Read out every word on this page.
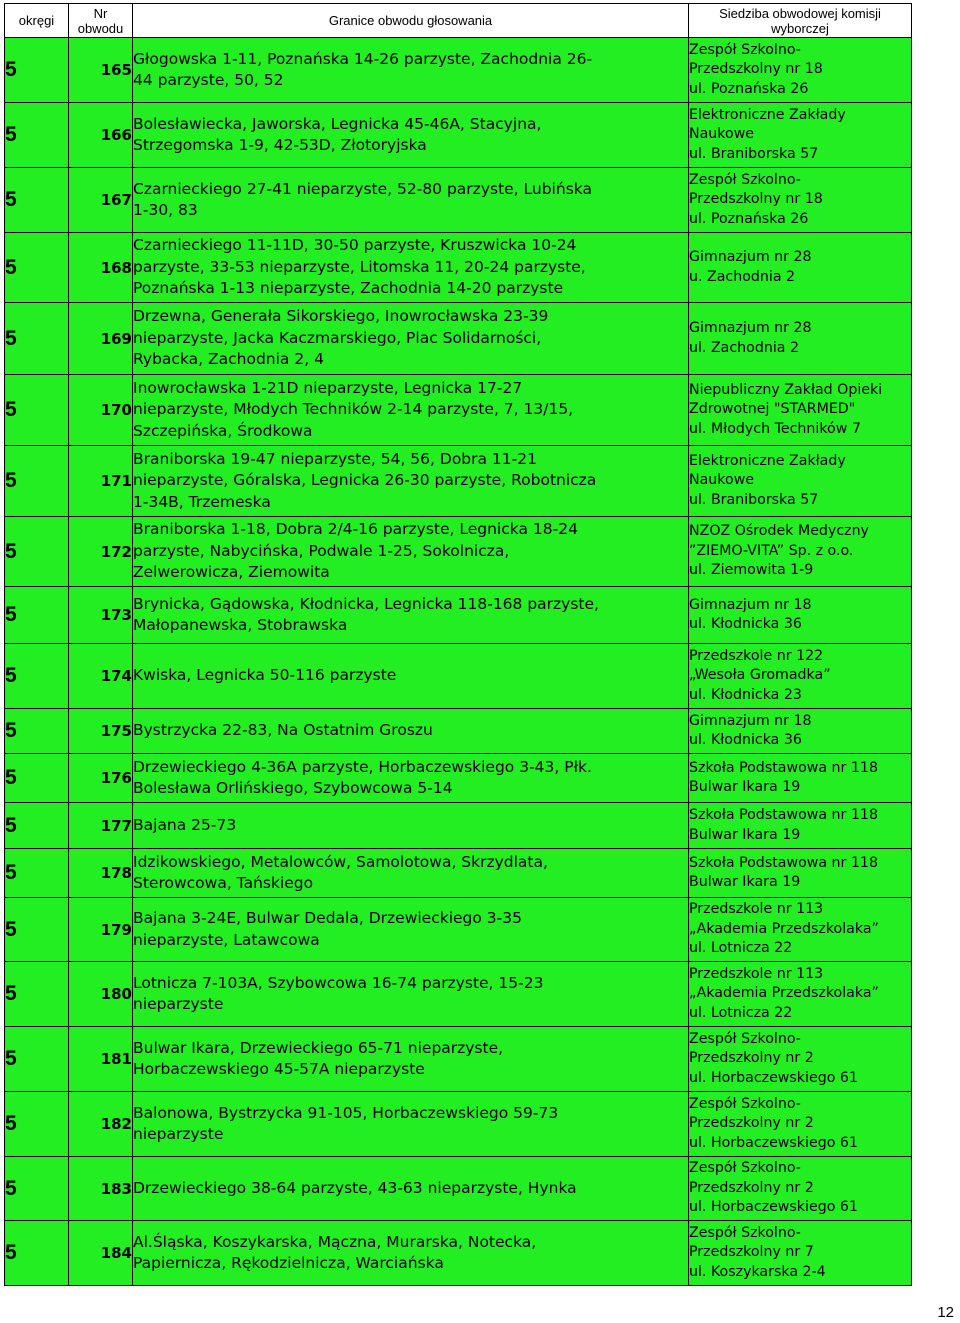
okręgi	Nr
obwodu	Granice obwodu głosowania	Siedziba obwodowej komisji
wyborczej

5	165	Głogowska 1-11, Poznańska 14-26 parzyste, Zachodnia 26-
44 parzyste, 50, 52	Zespół Szkolno-
Przedszkolny nr 18
ul. Poznańska 26

5	166	Bolesławiecka, Jaworska, Legnicka 45-46A, Stacyjna,
Strzegomska 1-9, 42-53D, Złotoryjska	Elektroniczne Zakłady
Naukowe
ul. Braniborska 57

5	167	Czarnieckiego 27-41 nieparzyste, 52-80 parzyste, Lubińska
1-30, 83	Zespół Szkolno-
Przedszkolny nr 18
ul. Poznańska 26

5	168	Czarnieckiego 11-11D, 30-50 parzyste, Kruszwicka 10-24
parzyste, 33-53 nieparzyste, Litomska 11, 20-24 parzyste,
Poznańska 1-13 nieparzyste, Zachodnia 14-20 parzyste	Gimnazjum nr 28
u. Zachodnia 2

5	169	Drzewna, Generała Sikorskiego, Inowrocławska 23-39
nieparzyste, Jacka Kaczmarskiego, Plac Solidarności,
Rybacka, Zachodnia 2, 4	Gimnazjum nr 28
ul. Zachodnia 2

5	170	Inowrocławska 1-21D nieparzyste, Legnicka 17-27
nieparzyste, Młodych Techników 2-14 parzyste, 7, 13/15,
Szczepińska, Środkowa	Niepubliczny Zakład Opieki
Zdrowotnej "STARMED"
ul. Młodych Techników 7

5	171	Braniborska 19-47 nieparzyste, 54, 56, Dobra 11-21
nieparzyste, Góralska, Legnicka 26-30 parzyste, Robotnicza
1-34B, Trzemeska	Elektroniczne Zakłady
Naukowe
ul. Braniborska 57

5	172	Braniborska 1-18, Dobra 2/4-16 parzyste, Legnicka 18-24
parzyste, Nabycińska, Podwale 1-25, Sokolnicza,
Zelwerowicza, Ziemowita	NZOZ Ośrodek Medyczny
”ZIEMO-VITA” Sp. z o.o.
ul. Ziemowita 1-9

5	173	Brynicka, Gądowska, Kłodnicka, Legnicka 118-168 parzyste,
Małopanewska, Stobrawska	Gimnazjum nr 18
ul. Kłodnicka 36

5	174	Kwiska, Legnicka 50-116 parzyste	Przedszkole nr 122
„Wesoła Gromadka”
ul. Kłodnicka 23

5	175	Bystrzycka 22-83, Na Ostatnim Groszu	Gimnazjum nr 18
ul. Kłodnicka 36

5	176	Drzewieckiego 4-36A parzyste, Horbaczewskiego 3-43, Płk.
Bolesława Orlińskiego, Szybowcowa 5-14	Szkoła Podstawowa nr 118
Bulwar Ikara 19

5	177	Bajana 25-73	Szkoła Podstawowa nr 118
Bulwar Ikara 19

5	178	Idzikowskiego, Metalowców, Samolotowa, Skrzydlata,
Sterowcowa, Tańskiego	Szkoła Podstawowa nr 118
Bulwar Ikara 19

5	179	Bajana 3-24E, Bulwar Dedala, Drzewieckiego 3-35
nieparzyste, Latawcowa	Przedszkole nr 113
„Akademia Przedszkolaka”
ul. Lotnicza 22

5	180	Lotnicza 7-103A, Szybowcowa 16-74 parzyste, 15-23
nieparzyste	Przedszkole nr 113
„Akademia Przedszkolaka”
ul. Lotnicza 22

5	181	Bulwar Ikara, Drzewieckiego 65-71 nieparzyste,
Horbaczewskiego 45-57A nieparzyste	Zespół Szkolno-
Przedszkolny nr 2
ul. Horbaczewskiego 61

5	182	Balonowa, Bystrzycka 91-105, Horbaczewskiego 59-73
nieparzyste	Zespół Szkolno-
Przedszkolny nr 2
ul. Horbaczewskiego 61

5	183	Drzewieckiego 38-64 parzyste, 43-63 nieparzyste, Hynka	Zespół Szkolno-
Przedszkolny nr 2
ul. Horbaczewskiego 61

5	184	Al.Śląska, Koszykarska, Mączna, Murarska, Notecka,
Papiernicza, Rękodzielnicza, Warciańska	Zespół Szkolno-
Przedszkolny nr 7
ul. Koszykarska 2-4
12
